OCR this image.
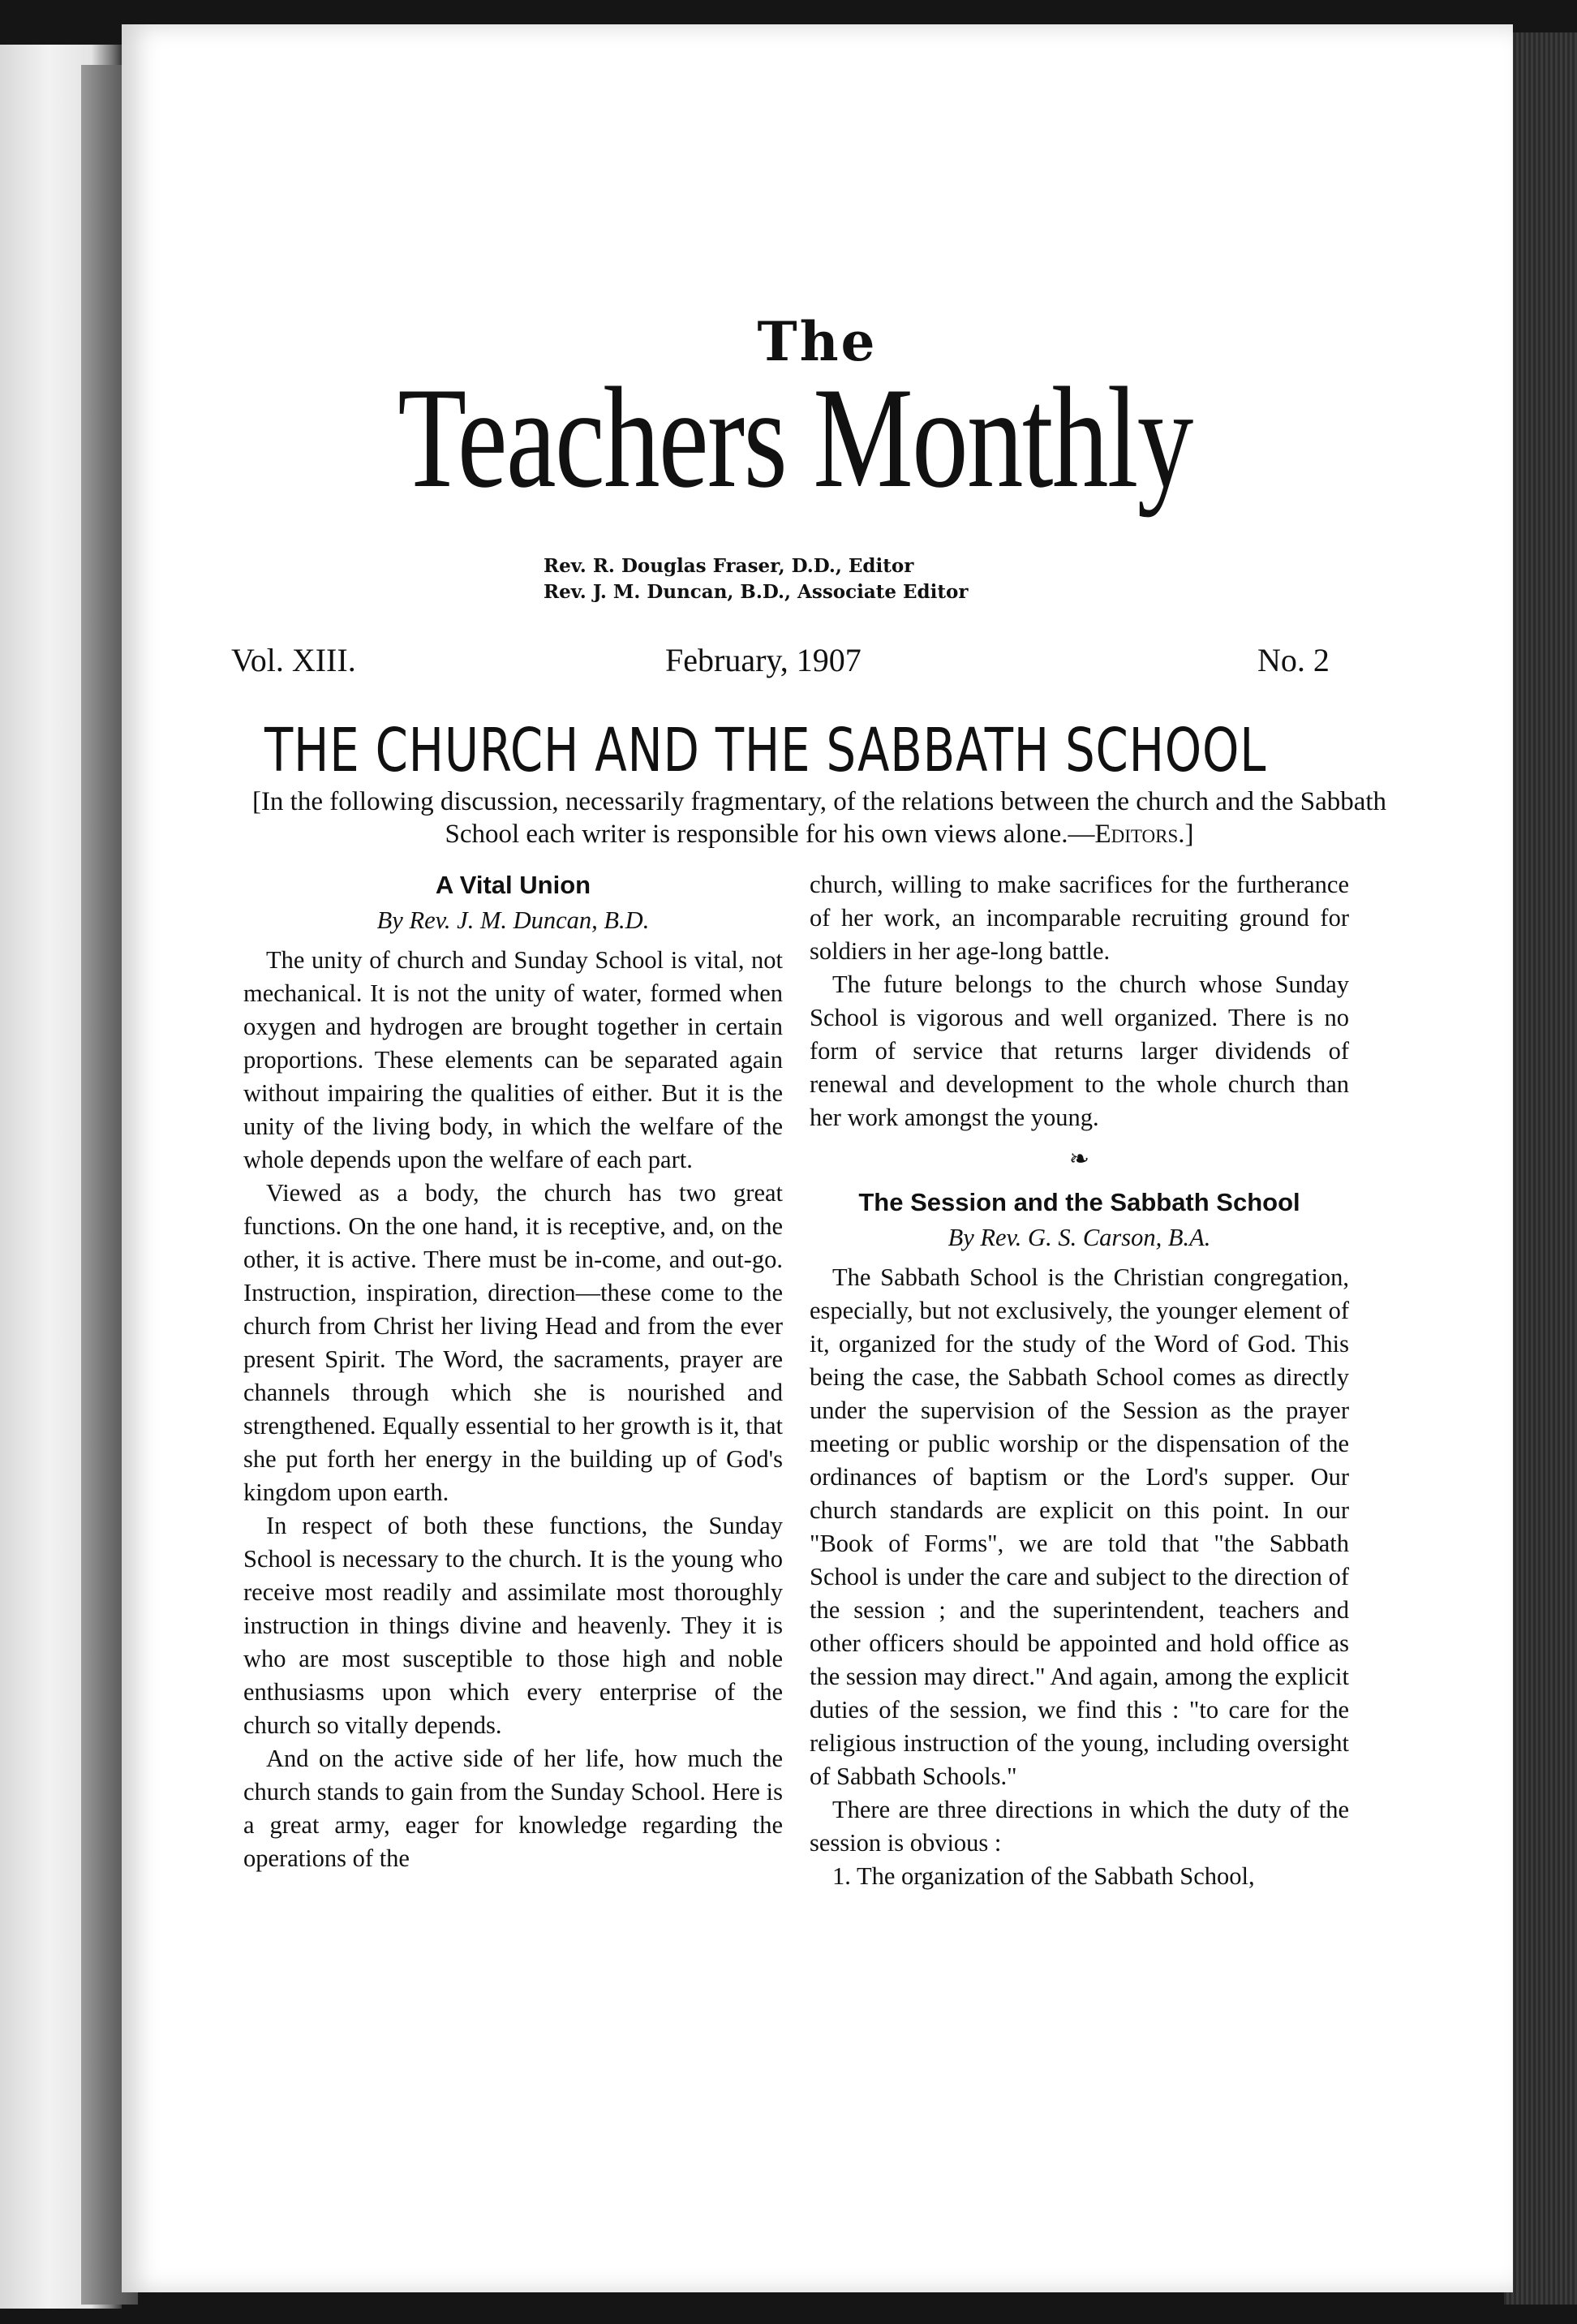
The
Teachers Monthly
Rev. R. Douglas Fraser, D.D., Editor
Rev. J. M. Duncan, B.D., Associate Editor
Vol. XIII.	February, 1907	No. 2
THE CHURCH AND THE SABBATH SCHOOL
[In the following discussion, necessarily fragmentary, of the relations between the church and the Sabbath School each writer is responsible for his own views alone.—Editors.]
A Vital Union
By Rev. J. M. Duncan, B.D.

The unity of church and Sunday School is vital, not mechanical. It is not the unity of water, formed when oxygen and hydrogen are brought together in certain proportions. These elements can be separated again without impairing the qualities of either. But it is the unity of the living body, in which the welfare of the whole depends upon the welfare of each part.

Viewed as a body, the church has two great functions. On the one hand, it is receptive, and, on the other, it is active. There must be in-come, and out-go. Instruction, inspiration, direction—these come to the church from Christ her living Head and from the ever present Spirit. The Word, the sacraments, prayer are channels through which she is nourished and strengthened. Equally essential to her growth is it, that she put forth her energy in the building up of God's kingdom upon earth.

In respect of both these functions, the Sunday School is necessary to the church. It is the young who receive most readily and assimilate most thoroughly instruction in things divine and heavenly. They it is who are most susceptible to those high and noble enthusiasms upon which every enterprise of the church so vitally depends.

And on the active side of her life, how much the church stands to gain from the Sunday School. Here is a great army, eager for knowledge regarding the operations of the

church, willing to make sacrifices for the furtherance of her work, an incomparable recruiting ground for soldiers in her age-long battle.

The future belongs to the church whose Sunday School is vigorous and well organized. There is no form of service that returns larger dividends of renewal and development to the whole church than her work amongst the young.

❧
The Session and the Sabbath School
By Rev. G. S. Carson, B.A.

The Sabbath School is the Christian congregation, especially, but not exclusively, the younger element of it, organized for the study of the Word of God. This being the case, the Sabbath School comes as directly under the supervision of the Session as the prayer meeting or public worship or the dispensation of the ordinances of baptism or the Lord's supper. Our church standards are explicit on this point. In our "Book of Forms", we are told that "the Sabbath School is under the care and subject to the direction of the session ; and the superintendent, teachers and other officers should be appointed and hold office as the session may direct." And again, among the explicit duties of the session, we find this : "to care for the religious instruction of the young, including oversight of Sabbath Schools."

There are three directions in which the duty of the session is obvious :

1. The organization of the Sabbath School,
